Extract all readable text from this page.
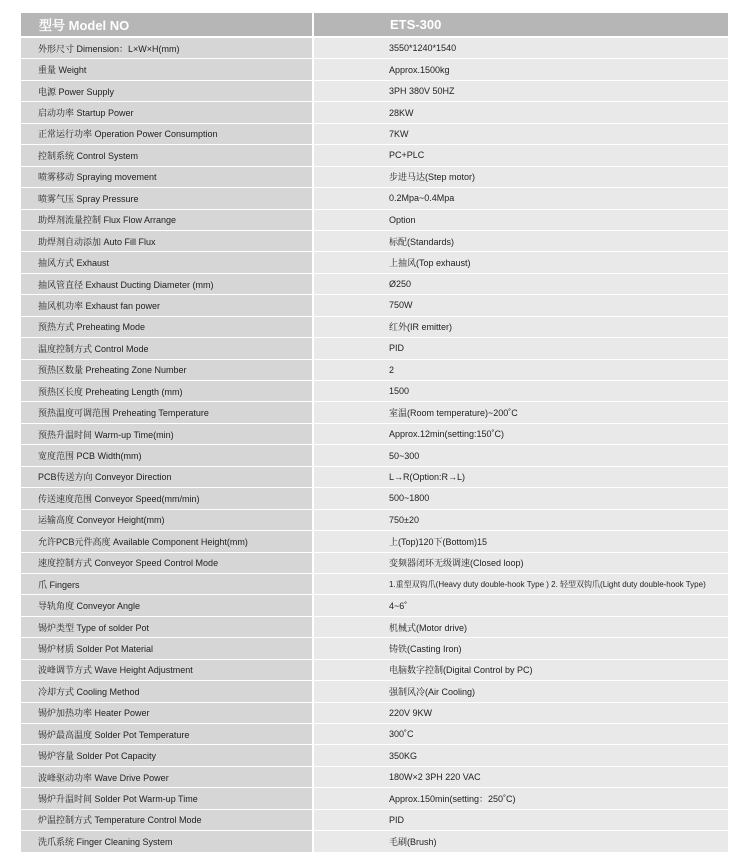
型号 Model NO	ETS-300
外形尺寸 Dimension：L×W×H(mm)	3550*1240*1540
重量 Weight	Approx.1500kg
电源 Power Supply	3PH 380V 50HZ
启动功率 Startup Power	28KW
正常运行功率 Operation Power Consumption	7KW
控制系统 Control System	PC+PLC
喷雾移动 Spraying movement	步进马达(Step motor)
喷雾气压 Spray Pressure	0.2Mpa~0.4Mpa
助焊剂流量控制 Flux Flow Arrange	Option
助焊剂自动添加 Auto Fill Flux	标配(Standards)
抽风方式 Exhaust	上抽风(Top exhaust)
抽风管直径 Exhaust Ducting Diameter (mm)	Ø250
抽风机功率 Exhaust fan power	750W
预热方式 Preheating Mode	红外(IR emitter)
温度控制方式 Control Mode	PID
预热区数量 Preheating Zone Number	2
预热区长度 Preheating Length (mm)	1500
预热温度可调范围 Preheating Temperature	室温(Room temperature)~200˚C
预热升温时间 Warm-up Time(min)	Approx.12min(setting:150˚C)
宽度范围 PCB Width(mm)	50~300
PCB传送方向 Conveyor Direction	L→R(Option:R→L)
传送速度范围 Conveyor Speed(mm/min)	500~1800
运输高度 Conveyor Height(mm)	750±20
允许PCB元件高度 Available Component Height(mm)	上(Top)120下(Bottom)15
速度控制方式 Conveyor Speed Control Mode	变频器闭环无级调速(Closed loop)
爪 Fingers	1.重型双钩爪(Heavy duty double-hook Type ) 2. 轻型双钩爪(Light duty double-hook Type)
导轨角度 Conveyor Angle	4~6˚
锡炉类型 Type of solder Pot	机械式(Motor drive)
锡炉材质 Solder Pot Material	铸铁(Casting Iron)
波峰调节方式 Wave Height Adjustment	电脑数字控制(Digital Control by PC)
冷却方式 Cooling Method	强制风冷(Air Cooling)
锡炉加热功率 Heater Power	220V 9KW
锡炉最高温度 Solder Pot Temperature	300˚C
锡炉容量 Solder Pot Capacity	350KG
波峰驱动功率 Wave Drive Power	180W×2 3PH 220 VAC
锡炉升温时间 Solder Pot Warm-up Time	Approx.150min(setting：250˚C)
炉温控制方式 Temperature Control Mode	PID
洗爪系统 Finger Cleaning System	毛刷(Brush)
